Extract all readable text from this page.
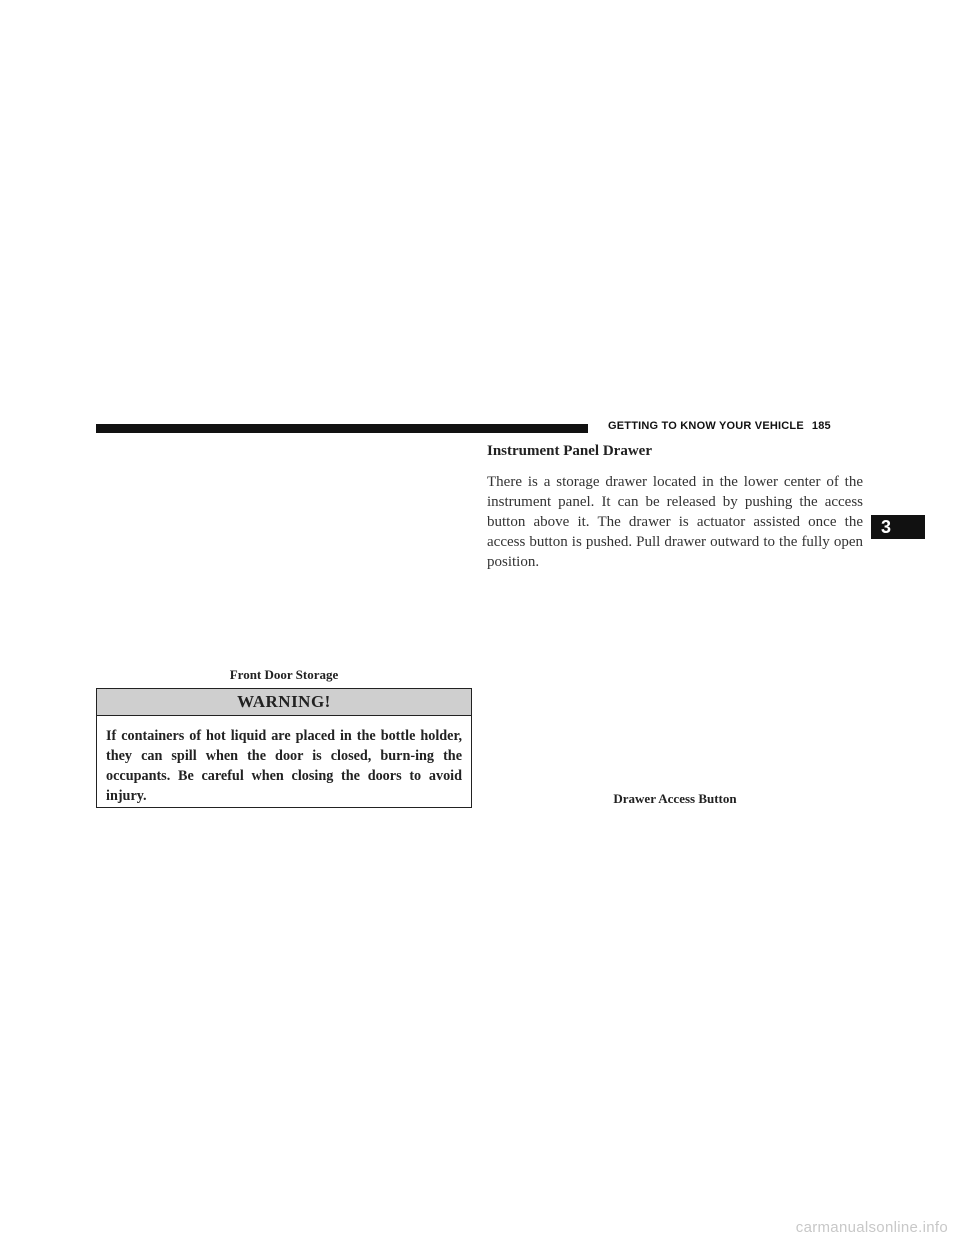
GETTING TO KNOW YOUR VEHICLE 185
Instrument Panel Drawer
There is a storage drawer located in the lower center of the instrument panel. It can be released by pushing the access button above it. The drawer is actuator assisted once the access button is pushed. Pull drawer outward to the fully open position.
3
Front Door Storage
WARNING!
If containers of hot liquid are placed in the bottle holder, they can spill when the door is closed, burn-ing the occupants. Be careful when closing the doors to avoid injury.	Drawer Access Button
carmanualsonline.info
